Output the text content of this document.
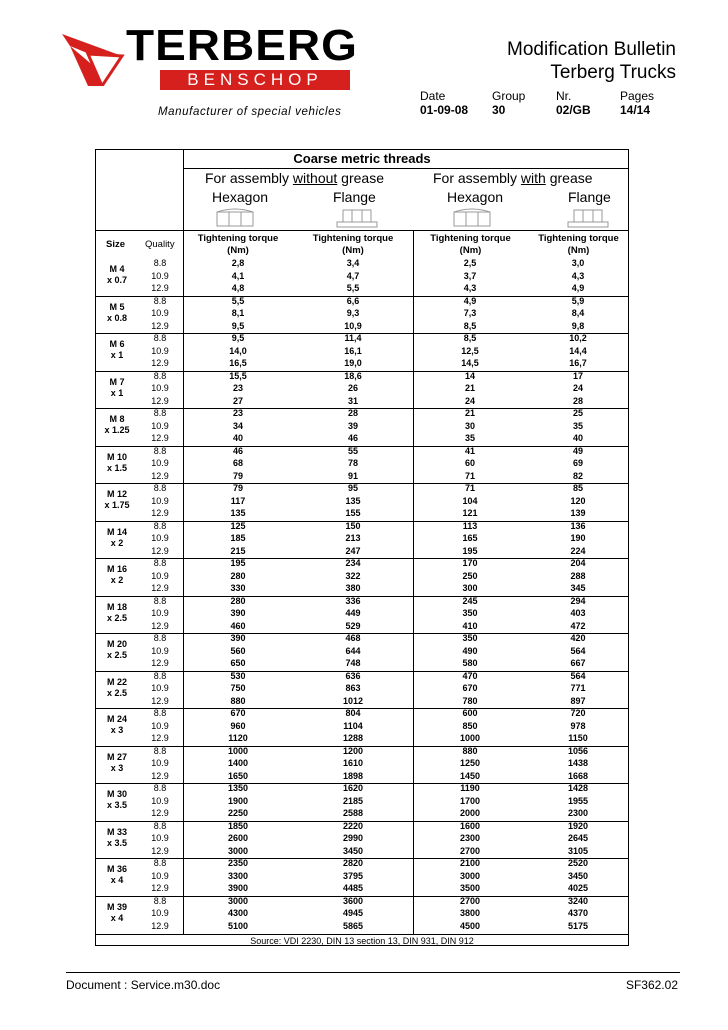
TERBERG
BENSCHOP
Manufacturer of special vehicles
Modification Bulletin
Terberg Trucks
Date	Group	Nr.	Pages
01-09-08 30	02/GB 14/14
Coarse metric threads
For assembly without grease	For assembly with grease
Hexagon	Flange	Hexagon	Flange
Size Quality
Tightening torque
(Nm)
Tightening torque
(Nm)
Tightening torque
(Nm)
Tightening torque
(Nm)
M 4
x 0.7
8.8	2,8	3,4	2,5	3,0
10.9	4,1	4,7	3,7	4,3
12.9	4,8	5,5	4,3	4,9
M 5
x 0.8
8.8	5,5	6,6	4,9	5,9
10.9	8,1	9,3	7,3	8,4
12.9	9,5	10,9	8,5	9,8
M 6
x 1
8.8	9,5	11,4	8,5	10,2
10.9	14,0	16,1	12,5	14,4
12.9	16,5	19,0	14,5	16,7
M 7
x 1
8.8	15,5	18,6	14	17
10.9	23	26	21	24
12.9	27	31	24	28
M 8
x 1.25
8.8	23	28	21	25
10.9	34	39	30	35
12.9	40	46	35	40
M 10
x 1.5
8.8	46	55	41	49
10.9	68	78	60	69
12.9	79	91	71	82
M 12
x 1.75
8.8	79	95	71	85
10.9	117	135	104	120
12.9	135	155	121	139
M 14
x 2
8.8	125	150	113	136
10.9	185	213	165	190
12.9	215	247	195	224
M 16
x 2
8.8	195	234	170	204
10.9	280	322	250	288
12.9	330	380	300	345
M 18
x 2.5
8.8	280	336	245	294
10.9	390	449	350	403
12.9	460	529	410	472
M 20
x 2.5
8.8	390	468	350	420
10.9	560	644	490	564
12.9	650	748	580	667
M 22
x 2.5
8.8	530	636	470	564
10.9	750	863	670	771
12.9	880	1012	780	897
M 24
x 3
8.8	670	804	600	720
10.9	960	1104	850	978
12.9	1120	1288	1000	1150
M 27
x 3
8.8	1000	1200	880	1056
10.9	1400	1610	1250	1438
12.9	1650	1898	1450	1668
M 30
x 3.5
8.8	1350	1620	1190	1428
10.9	1900	2185	1700	1955
12.9	2250	2588	2000	2300
M 33
x 3.5
8.8	1850	2220	1600	1920
10.9	2600	2990	2300	2645
12.9	3000	3450	2700	3105
M 36
x 4
8.8	2350	2820	2100	2520
10.9	3300	3795	3000	3450
12.9	3900	4485	3500	4025
M 39
x 4
8.8	3000	3600	2700	3240
10.9	4300	4945	3800	4370
12.9	5100	5865	4500	5175
Source: VDI 2230, DIN 13 section 13, DIN 931, DIN 912
Document : Service.m30.doc	SF362.02
